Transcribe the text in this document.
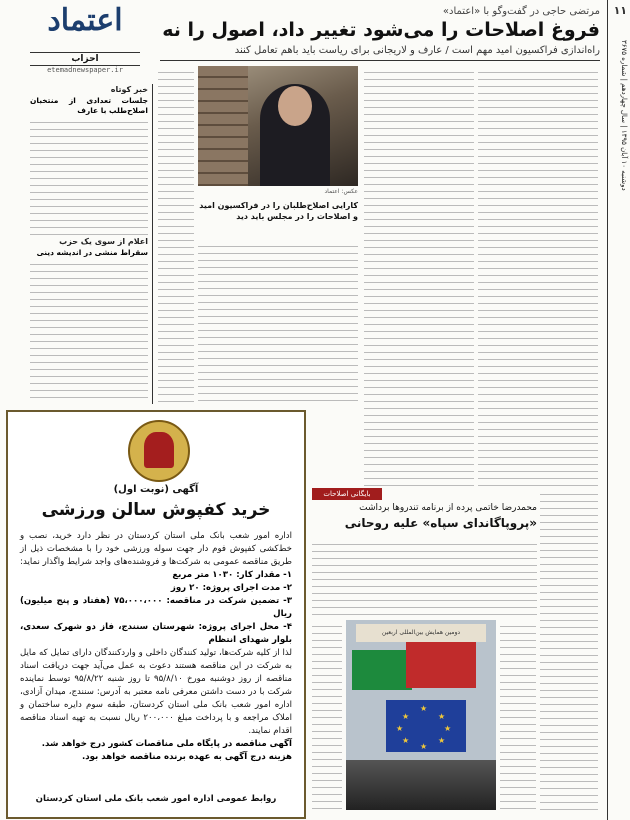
۱۱
دوشنبه ۱۰ آبان ۱۳۹۵ | سال چهاردهم | شماره ۳۶۷۵
اعتماد
احزاب
etemadnewspaper.ir
مرتضی حاجی در گفت‌وگو با «اعتماد»
فروغ اصلاحات را می‌شود تغییر داد، اصول را نه
راه‌اندازی فراکسیون امید مهم است / عارف و لاریجانی برای ریاست باید باهم تعامل کنند
خبر کوتاه
جلسات تعدادی از منتخبان اصلاح‌طلب با عارف
اعلام از سوی یک حزب
سقراط منشی در اندیشه دینی
عکس: اعتماد
کارایی اصلاح‌طلبان را در فراکسیون امید و اصلاحات را در مجلس باید دید
آگهی (نوبت اول)
خرید کفپوش سالن ورزشی

اداره امور شعب بانک ملی استان کردستان در نظر دارد خرید، نصب و خط‌کشی کفپوش فوم دار جهت سوله ورزشی خود را با مشخصات ذیل از طریق مناقصه عمومی به شرکت‌ها و فروشنده‌های واجد شرایط واگذار نماید:

۱- مقدار کار: ۱۰۳۰ متر مربع

۲- مدت اجرای پروژه: ۲۰ روز

۳- تضمین شرکت در مناقصه: ۷۵،۰۰۰،۰۰۰ (هفتاد و پنج میلیون) ریال

۴- محل اجرای پروژه: شهرستان سنندج، فاز دو شهرک سعدی، بلوار شهدای انتظام

لذا از کلیه شرکت‌ها، تولید کنندگان داخلی و واردکنندگان دارای تمایل که مایل به شرکت در این مناقصه هستند دعوت به عمل می‌آید جهت دریافت اسناد مناقصه از روز دوشنبه مورخ ۹۵/۸/۱۰ تا روز شنبه ۹۵/۸/۲۲ توسط نماینده شرکت با در دست داشتن معرفی نامه معتبر به آدرس: سنندج، میدان آزادی، اداره امور شعب بانک ملی استان کردستان، طبقه سوم دایره ساختمان و املاک مراجعه و با پرداخت مبلغ ۲۰۰،۰۰۰ ریال نسبت به تهیه اسناد مناقصه اقدام نمایند.

آگهی مناقصه در پایگاه ملی مناقصات کشور درج خواهد شد.

هزینه درج آگهی به عهده برنده مناقصه خواهد بود.

روابط عمومی اداره امور شعب بانک ملی استان کردستان
بایگانی اصلاحات
محمدرضا خاتمی پرده از برنامه تندروها برداشت
«پروپاگاندای سپاه» علیه روحانی
دومین همایش بین‌المللی اربعین
★
★
★
★
★
★
★
★
